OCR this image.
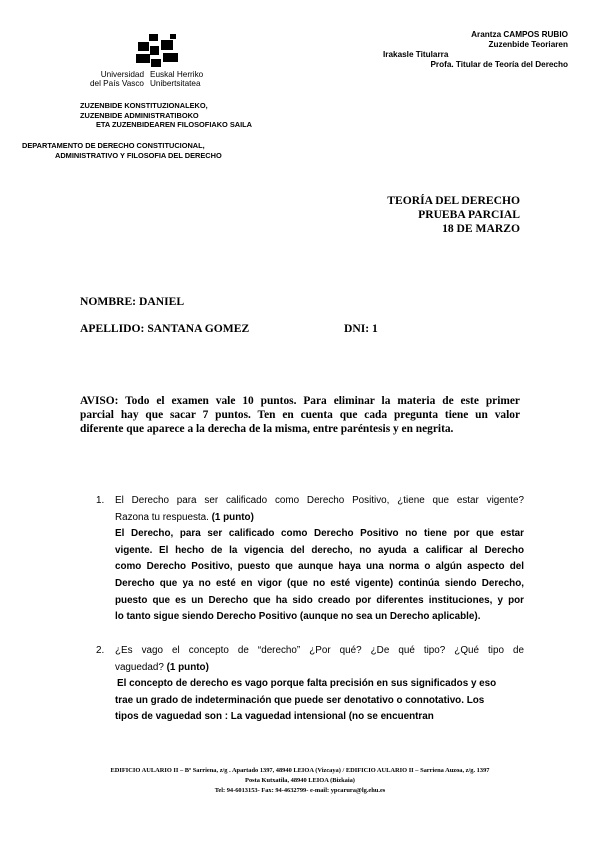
Universidad
del País Vasco
Euskal Herriko
Unibertsitatea
ZUZENBIDE KONSTITUZIONALEKO,
ZUZENBIDE ADMINISTRATIBOKO
ETA ZUZENBIDEAREN FILOSOFIAKO SAILA
DEPARTAMENTO DE DERECHO CONSTITUCIONAL,
ADMINISTRATIVO Y FILOSOFIA DEL DERECHO
Arantza CAMPOS RUBIO
Zuzenbide Teoriaren
Irakasle Titularra
Profa. Titular de Teoría del Derecho
TEORÍA DEL DERECHO
PRUEBA PARCIAL
18 DE MARZO
NOMBRE: DANIEL
APELLIDO: SANTANA GOMEZ	DNI: 1

AVISO: Todo el examen vale 10 puntos. Para eliminar la materia de este primer

parcial hay que sacar 7 puntos. Ten en cuenta que cada pregunta tiene un valor

diferente que aparece a la derecha de la misma, entre paréntesis y en negrita.

1. El Derecho para ser calificado como Derecho Positivo, ¿tiene que estar vigente?

Razona tu respuesta. (1 punto)

El Derecho, para ser calificado como Derecho Positivo no tiene por que estar

vigente. El hecho de la vigencia del derecho, no ayuda a calificar al Derecho

como Derecho Positivo, puesto que aunque haya una norma o algún aspecto del

Derecho que ya no esté en vigor (que no esté vigente) continúa siendo Derecho,

puesto que es un Derecho que ha sido creado por diferentes instituciones, y por

lo tanto sigue siendo Derecho Positivo (aunque no sea un Derecho aplicable).

2. ¿Es vago el concepto de “derecho” ¿Por qué? ¿De qué tipo? ¿Qué tipo de

vaguedad? (1 punto)

El concepto de derecho es vago porque falta precisión en sus significados y eso

trae un grado de indeterminación que puede ser denotativo o connotativo. Los

tipos de vaguedad son : La vaguedad intensional (no se encuentran

EDIFICIO AULARIO II – Bº Sarriena, z/g . Apartado 1397, 48940 LEIOA (Vizcaya) / EDIFICIO AULARIO II – Sarriena Auzoa, z/g. 1397
Posta Kutxatila, 48940 LEIOA (Bizkaia)
Tel: 94-6013153- Fax: 94-4632799- e-mail: ypcarura@lg.ehu.es
